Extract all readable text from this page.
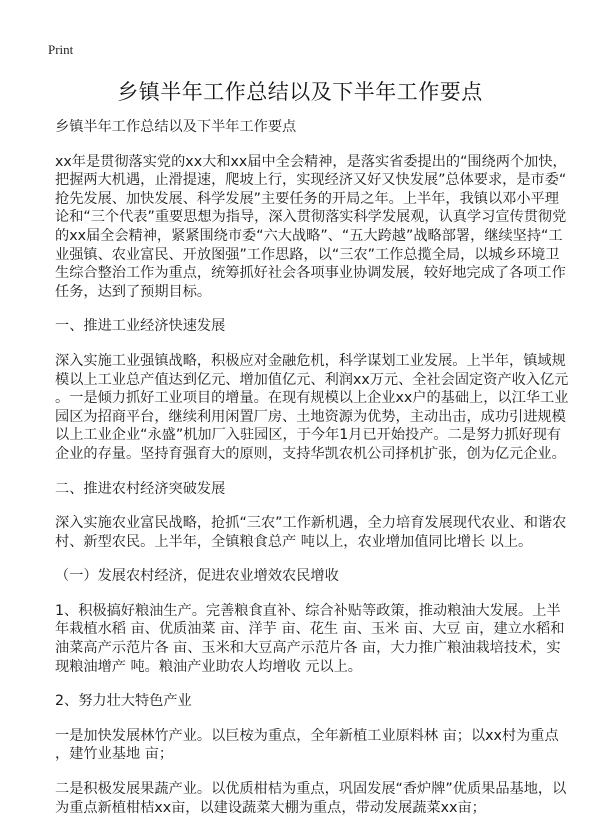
Print
乡镇半年工作总结以及下半年工作要点

乡镇半年工作总结以及下半年工作要点

xx年是贯彻落实党的xx大和xx届中全会精神，是落实省委提出的“围绕两个加快，
把握两大机遇，止滑提速，爬坡上行，实现经济又好又快发展”总体要求，是市委“
抢先发展、加快发展、科学发展”主要任务的开局之年。上半年，我镇以邓小平理
论和“三个代表”重要思想为指导，深入贯彻落实科学发展观，认真学习宣传贯彻党
的xx届全会精神，紧紧围绕市委“六大战略”、“五大跨越”战略部署，继续坚持“工
业强镇、农业富民、开放图强”工作思路，以“三农”工作总揽全局，以城乡环境卫
生综合整治工作为重点，统筹抓好社会各项事业协调发展，较好地完成了各项工作
任务，达到了预期目标。

一、推进工业经济快速发展

深入实施工业强镇战略，积极应对金融危机，科学谋划工业发展。上半年，镇域规
模以上工业总产值达到亿元、增加值亿元、利润xx万元、全社会固定资产收入亿元
。一是倾力抓好工业项目的增量。在现有规模以上企业xx户的基础上，以江华工业
园区为招商平台，继续利用闲置厂房、土地资源为优势，主动出击，成功引进规模
以上工业企业“永盛”机加厂入驻园区，于今年1月已开始投产。二是努力抓好现有
企业的存量。坚持育强育大的原则，支持华凯农机公司择机扩张，创为亿元企业。

二、推进农村经济突破发展

深入实施农业富民战略，抢抓“三农”工作新机遇，全力培育发展现代农业、和谐农
村、新型农民。上半年，全镇粮食总产 吨以上，农业增加值同比增长 以上。

（一）发展农村经济，促进农业增效农民增收

1、积极搞好粮油生产。完善粮食直补、综合补贴等政策，推动粮油大发展。上半
年栽植水稻 亩、优质油菜 亩、洋芋 亩、花生 亩、玉米 亩、大豆 亩，建立水稻和
油菜高产示范片各 亩、玉米和大豆高产示范片各 亩，大力推广粮油栽培技术，实
现粮油增产 吨。粮油产业助农人均增收 元以上。

2、努力壮大特色产业

一是加快发展林竹产业。以巨桉为重点，全年新植工业原料林 亩；以xx村为重点
，建竹业基地 亩；

二是积极发展果蔬产业。以优质柑桔为重点，巩固发展“香炉牌”优质果品基地，以
为重点新植柑桔xx亩，以建设蔬菜大棚为重点，带动发展蔬菜xx亩；
